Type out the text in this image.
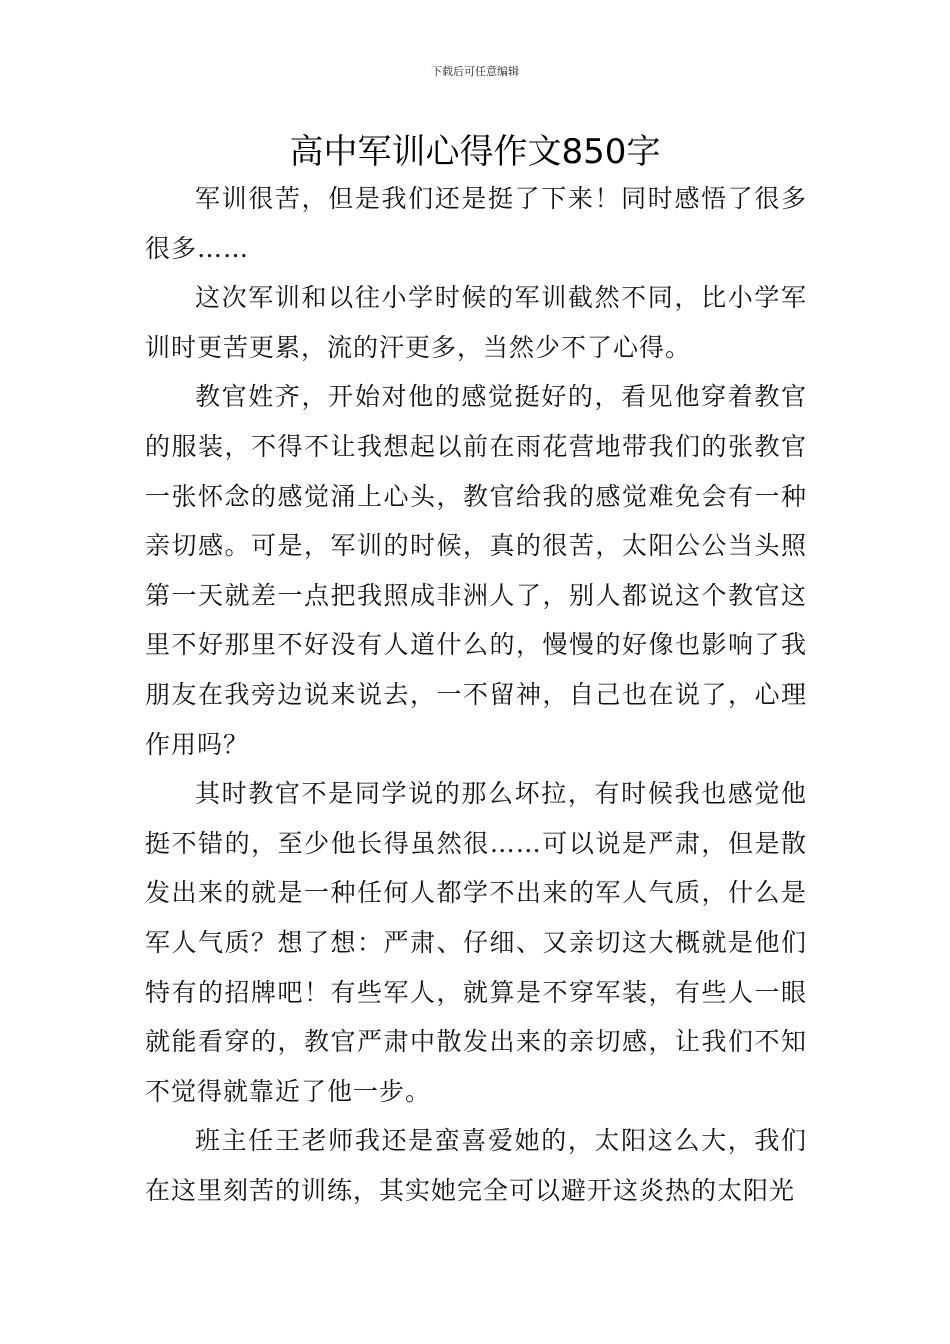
下载后可任意编辑
高中军训心得作文850字

军训很苦，但是我们还是挺了下来！同时感悟了很多很多……

这次军训和以往小学时候的军训截然不同，比小学军训时更苦更累，流的汗更多，当然少不了心得。

教官姓齐，开始对他的感觉挺好的，看见他穿着教官的服装，不得不让我想起以前在雨花营地带我们的张教官一张怀念的感觉涌上心头，教官给我的感觉难免会有一种亲切感。可是，军训的时候，真的很苦，太阳公公当头照第一天就差一点把我照成非洲人了，别人都说这个教官这里不好那里不好没有人道什么的，慢慢的好像也影响了我朋友在我旁边说来说去，一不留神，自己也在说了，心理作用吗？

其时教官不是同学说的那么坏拉，有时候我也感觉他挺不错的，至少他长得虽然很……可以说是严肃，但是散发出来的就是一种任何人都学不出来的军人气质，什么是军人气质？想了想：严肃、仔细、又亲切这大概就是他们特有的招牌吧！有些军人，就算是不穿军装，有些人一眼就能看穿的，教官严肃中散发出来的亲切感，让我们不知不觉得就靠近了他一步。

班主任王老师我还是蛮喜爱她的，太阳这么大，我们在这里刻苦的训练，其实她完全可以避开这炎热的太阳光
